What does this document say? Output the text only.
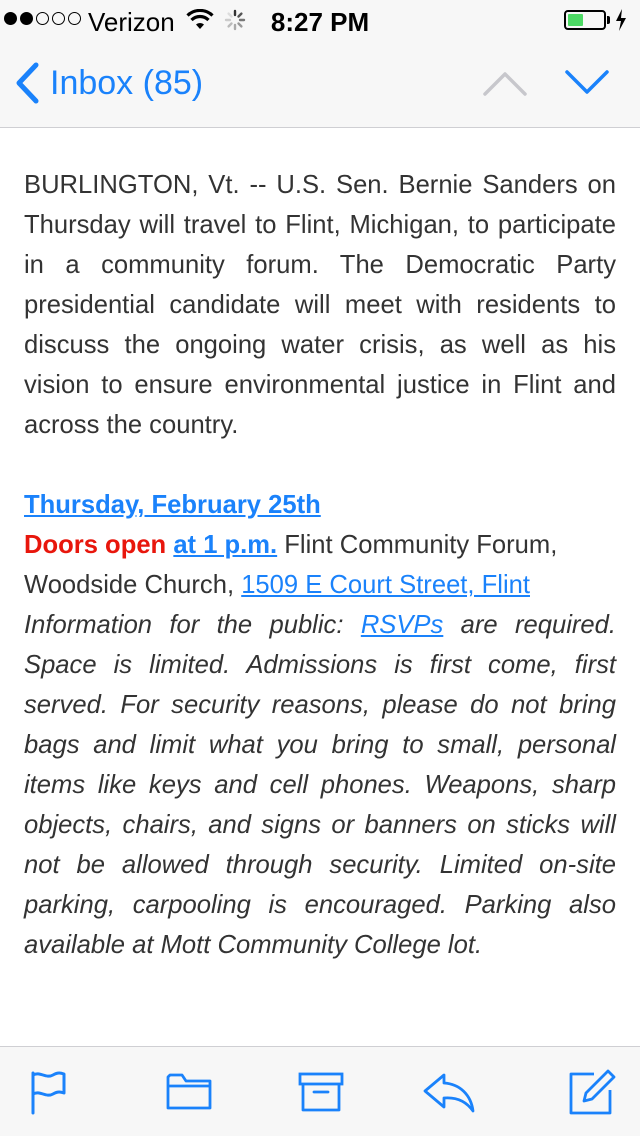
Verizon	8:27 PM
Inbox (85)

BURLINGTON, Vt. -- U.S. Sen. Bernie Sanders on Thursday will travel to Flint, Michigan, to participate in a community forum. The Democratic Party presidential candidate will meet with residents to discuss the ongoing water crisis, as well as his vision to ensure environmental justice in Flint and across the country.

Thursday, February 25th
Doors open at 1 p.m. Flint Community Forum,
Woodside Church, 1509 E Court Street, Flint

Information for the public: RSVPs are required. Space is limited. Admissions is first come, first served. For security reasons, please do not bring bags and limit what you bring to small, personal items like keys and cell phones. Weapons, sharp objects, chairs, and signs or banners on sticks will not be allowed through security. Limited on-site parking, carpooling is encouraged. Parking also available at Mott Community College lot.
